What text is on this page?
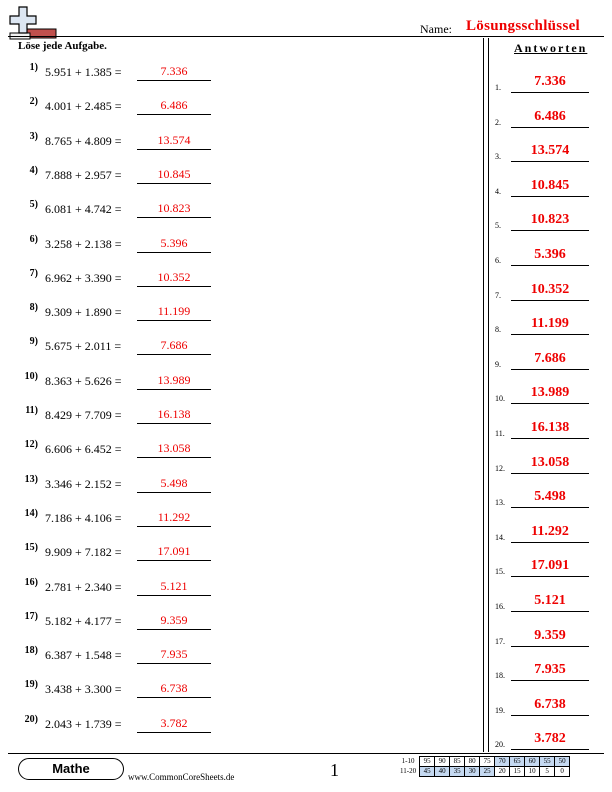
Name: Lösungsschlüssel
Löse jede Aufgabe.	Antworten
1) 5.951 + 1.385 =	7.336
2) 4.001 + 2.485 =	6.486
3) 8.765 + 4.809 =	13.574
4) 7.888 + 2.957 =	10.845
5) 6.081 + 4.742 =	10.823
6) 3.258 + 2.138 =	5.396
7) 6.962 + 3.390 =	10.352
8) 9.309 + 1.890 =	11.199
9) 5.675 + 2.011 =	7.686
10) 8.363 + 5.626 =	13.989
11) 8.429 + 7.709 =	16.138
12) 6.606 + 6.452 =	13.058
13) 3.346 + 2.152 =	5.498
14) 7.186 + 4.106 =	11.292
15) 9.909 + 7.182 =	17.091
16) 2.781 + 2.340 =	5.121
17) 5.182 + 4.177 =	9.359
18) 6.387 + 1.548 =	7.935
19) 3.438 + 3.300 =	6.738
20) 2.043 + 1.739 =	3.782
1.	7.336
2.	6.486
3.	13.574
4.	10.845
5.	10.823
6.	5.396
7.	10.352
8.	11.199
9.	7.686
10.	13.989
11.	16.138
12.	13.058
13.	5.498
14.	11.292
15.	17.091
16.	5.121
17.	9.359
18.	7.935
19.	6.738
20.	3.782
Mathe
www.CommonCoreSheets.de	1	1-10	95	90	85	80	75	70	65	60	55	50
11-20	45	40	35	30	25	20	15	10	5	0
